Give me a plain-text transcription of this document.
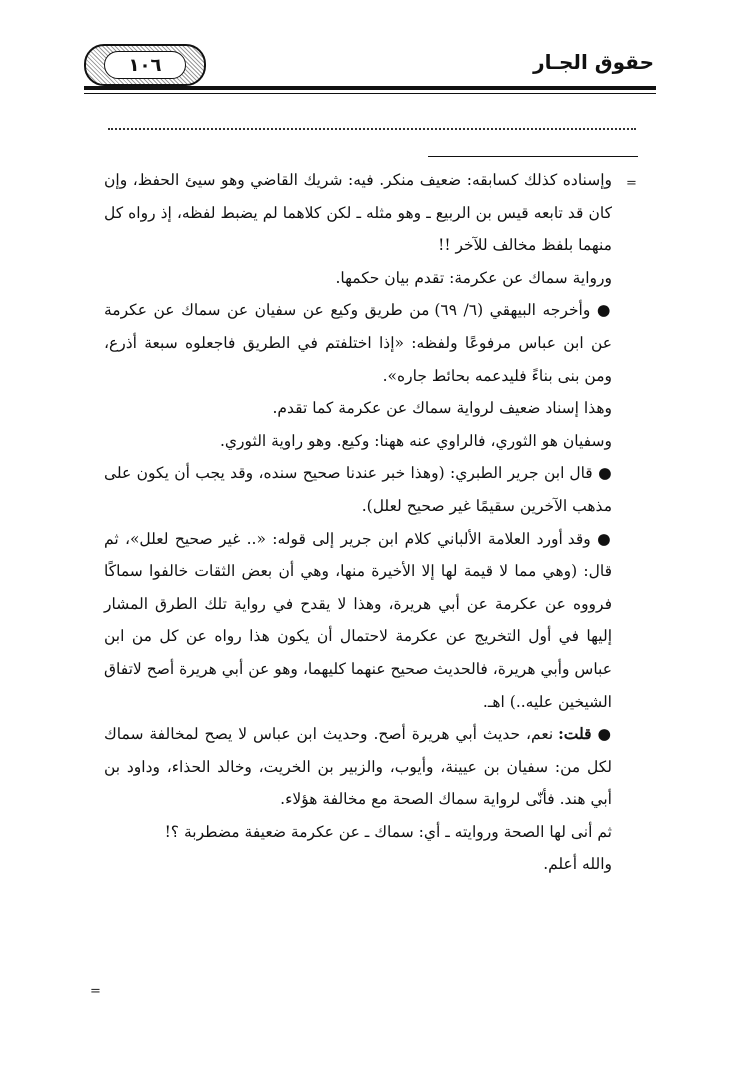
١٠٦	حقوق الجـار
=
=

وإسناده كذلك كسابقه: ضعيف منكر. فيه: شريك القاضي وهو سيئ الحفظ، وإن كان قد تابعه قيس بن الربيع ـ وهو مثله ـ لكن كلاهما لم يضبط لفظه، إذ رواه كل منهما بلفظ مخالف للآخر !!

ورواية سماك عن عكرمة: تقدم بيان حكمها.

● وأخرجه البيهقي (٦/ ٦٩) من طريق وكيع عن سفيان عن سماك عن عكرمة عن ابن عباس مرفوعًا ولفظه: «إذا اختلفتم في الطريق فاجعلوه سبعة أذرع، ومن بنى بناءً فليدعمه بحائط جاره».

وهذا إسناد ضعيف لرواية سماك عن عكرمة كما تقدم.

وسفيان هو الثوري، فالراوي عنه ههنا: وكيع. وهو راوية الثوري.

● قال ابن جرير الطبري: (وهذا خبر عندنا صحيح سنده، وقد يجب أن يكون على مذهب الآخرين سقيمًا غير صحيح لعلل).

● وقد أورد العلامة الألباني كلام ابن جرير إلى قوله: «.. غير صحيح لعلل»، ثم قال: (وهي مما لا قيمة لها إلا الأخيرة منها، وهي أن بعض الثقات خالفوا سماكًا فرووه عن عكرمة عن أبي هريرة، وهذا لا يقدح في رواية تلك الطرق المشار إليها في أول التخريج عن عكرمة لاحتمال أن يكون هذا رواه عن كل من ابن عباس وأبي هريرة، فالحديث صحيح عنهما كليهما، وهو عن أبي هريرة أصح لاتفاق الشيخين عليه..) اهـ.

● قلت: نعم، حديث أبي هريرة أصح. وحديث ابن عباس لا يصح لمخالفة سماك لكل من: سفيان بن عيينة، وأيوب، والزبير بن الخريت، وخالد الحذاء، وداود بن أبي هند. فأنّى لرواية سماك الصحة مع مخالفة هؤلاء.

ثم أنى لها الصحة وروايته ـ أي: سماك ـ عن عكرمة ضعيفة مضطربة ؟!

والله أعلم.
